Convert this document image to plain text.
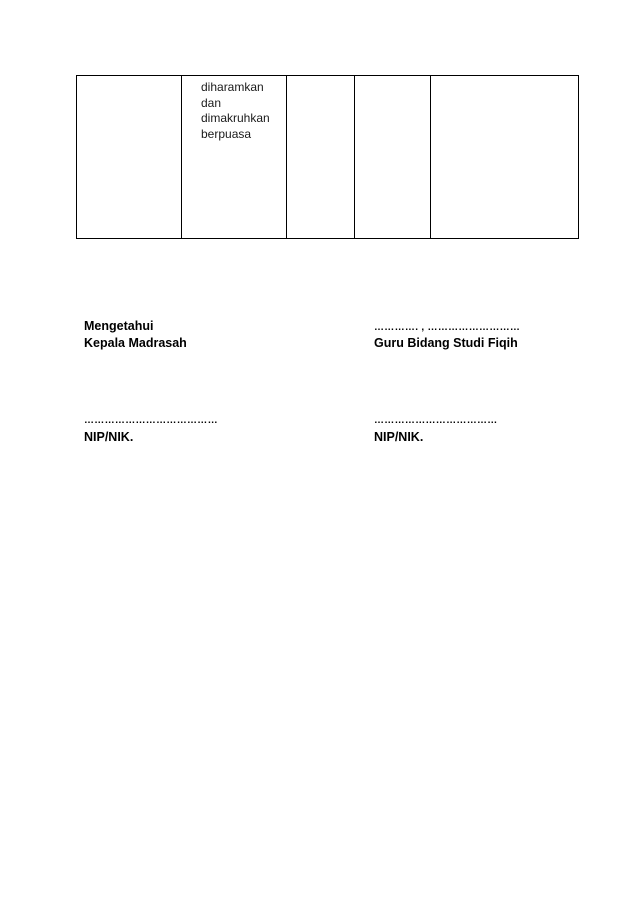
diharamkan
dan
dimakruhkan
berpuasa

Mengetahui
Kepala Madrasah
…………………………………
NIP/NIK.
…………. , ………………………
Guru Bidang Studi Fiqih
………………………………
NIP/NIK.
